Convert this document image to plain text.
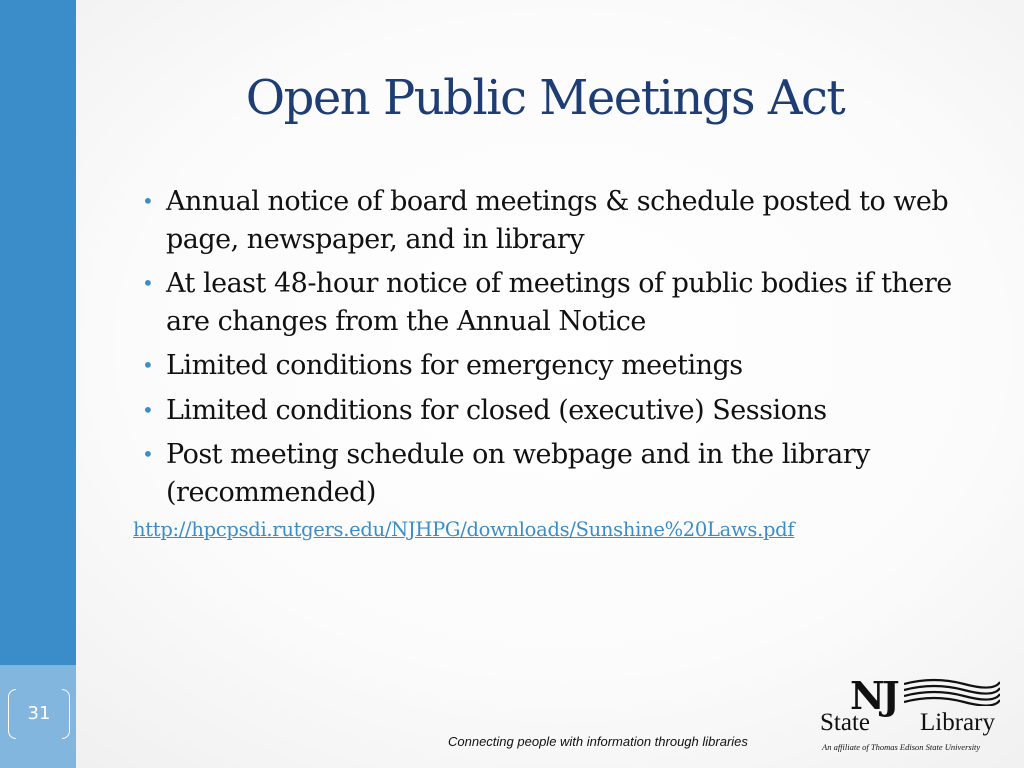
31
Open Public Meetings Act
• Annual notice of board meetings & schedule posted to web page, newspaper, and in library
• At least 48-hour notice of meetings of public bodies if there are changes from the Annual Notice
• Limited conditions for emergency meetings
• Limited conditions for closed (executive) Sessions
• Post meeting schedule on webpage and in the library (recommended)
http://hpcpsdi.rutgers.edu/NJHPG/downloads/Sunshine%20Laws.pdf
Connecting people with information through libraries
NJ
State Library
An affiliate of Thomas Edison State University
